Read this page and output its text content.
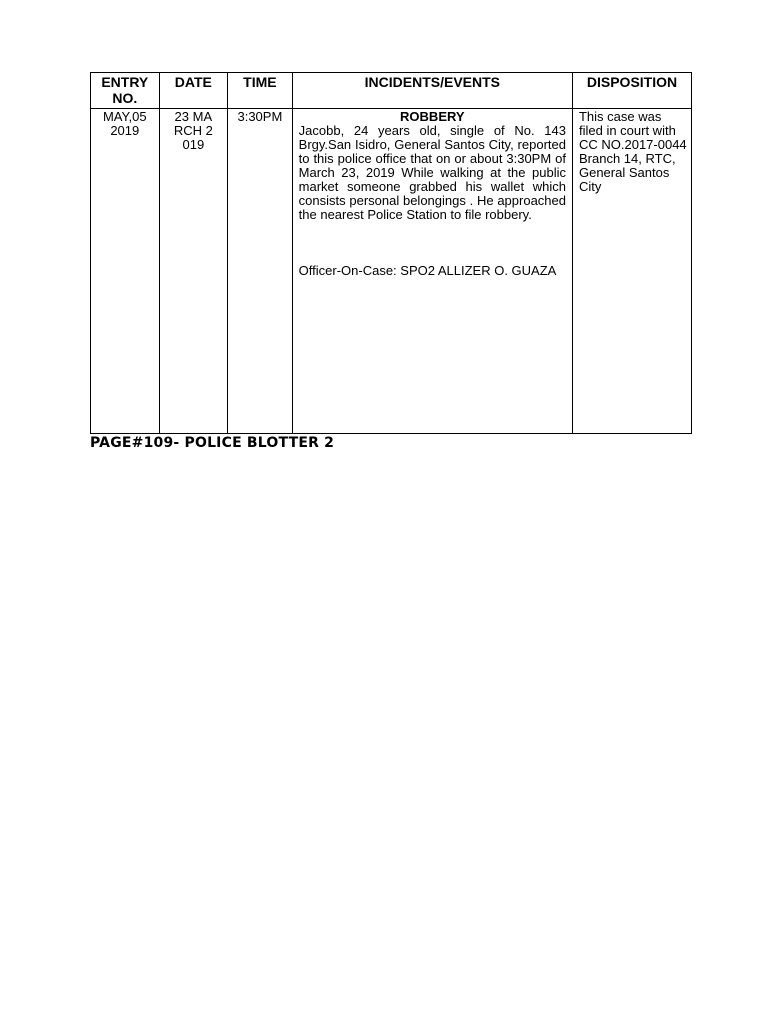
ENTRY
NO.	DATE	TIME	INCIDENTS/EVENTS	DISPOSITION
MAY,05 2019	23 MARCH 2019	3:30PM	ROBBERY
Jacobb, 24 years old, single of No. 143 Brgy.San Isidro, General Santos City, reported to this police office that on or about 3:30PM of March 23, 2019 While walking at the public market someone grabbed his wallet which consists personal belongings . He approached the nearest Police Station to file robbery.
Officer-On-Case: SPO2 ALLIZER O. GUAZA	This case was filed in court with CC NO.2017-0044 Branch 14, RTC, General Santos City
PAGE#109- POLICE BLOTTER 2
